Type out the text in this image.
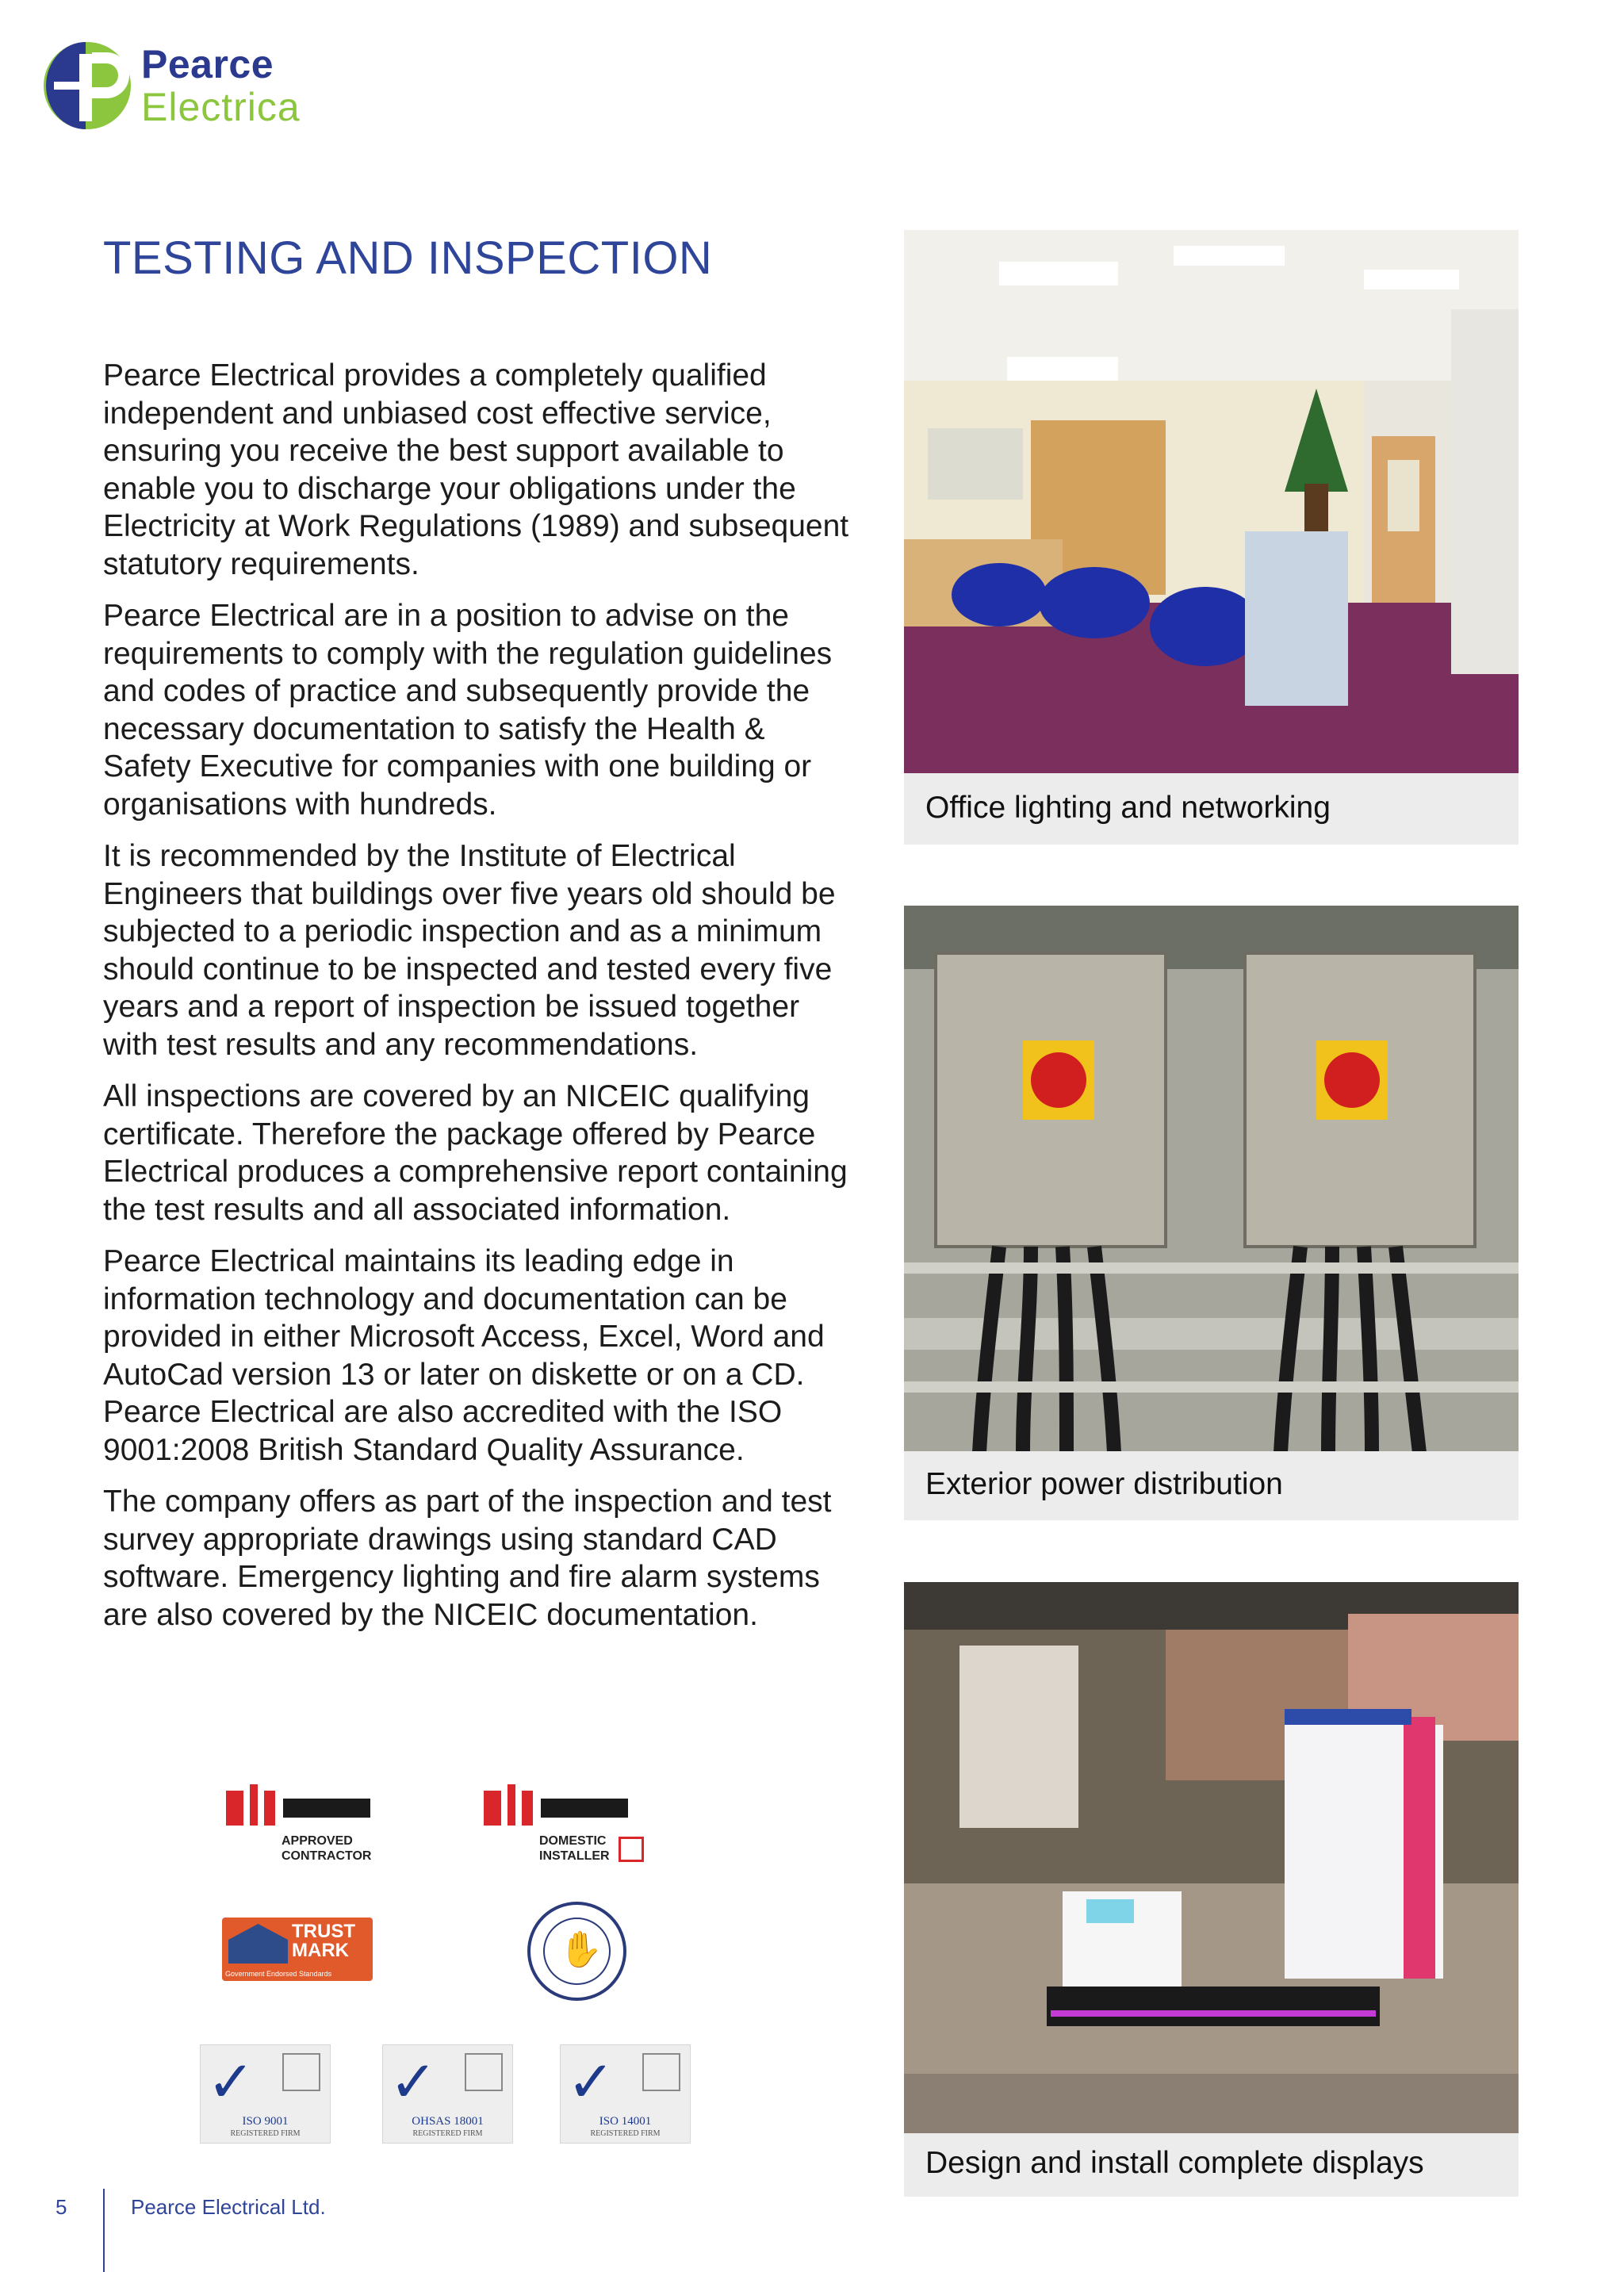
Pearce
Electrica
TESTING AND INSPECTION

Pearce Electrical provides a completely qualified independent and unbiased cost effective service, ensuring you receive the best support available to enable you to discharge your obligations under the Electricity at Work Regulations (1989) and subsequent statutory requirements.

Pearce Electrical are in a position to advise on the requirements to comply with the regulation guidelines and codes of practice and subsequently provide the necessary documentation to satisfy the Health & Safety Executive for companies with one building or organisations with hundreds.

It is recommended by the Institute of Electrical Engineers that buildings over five years old should be subjected to a periodic inspection and as a minimum should continue to be inspected and tested every five years and a report of inspection be issued together with test results and any recommendations.

All inspections are covered by an NICEIC qualifying certificate. Therefore the package offered by Pearce Electrical produces a comprehensive report containing the test results and all associated information.

Pearce Electrical maintains its leading edge in information technology and documentation can be provided in either Microsoft Access, Excel, Word and AutoCad version 13 or later on diskette or on a CD. Pearce Electrical are also accredited with the ISO 9001:2008 British Standard Quality Assurance.

The company offers as part of the inspection and test survey appropriate drawings using standard CAD software. Emergency lighting and fire alarm systems are also covered by the NICEIC documentation.

APPROVED
CONTRACTOR
DOMESTIC
INSTALLER
TRUST
MARK
Government Endorsed Standards
✋
✓
ISO 9001
REGISTERED FIRM
✓
OHSAS 18001
REGISTERED FIRM
✓
ISO 14001
REGISTERED FIRM
Office lighting and networking
Exterior power distribution
Design and install complete displays
5	Pearce Electrical Ltd.
